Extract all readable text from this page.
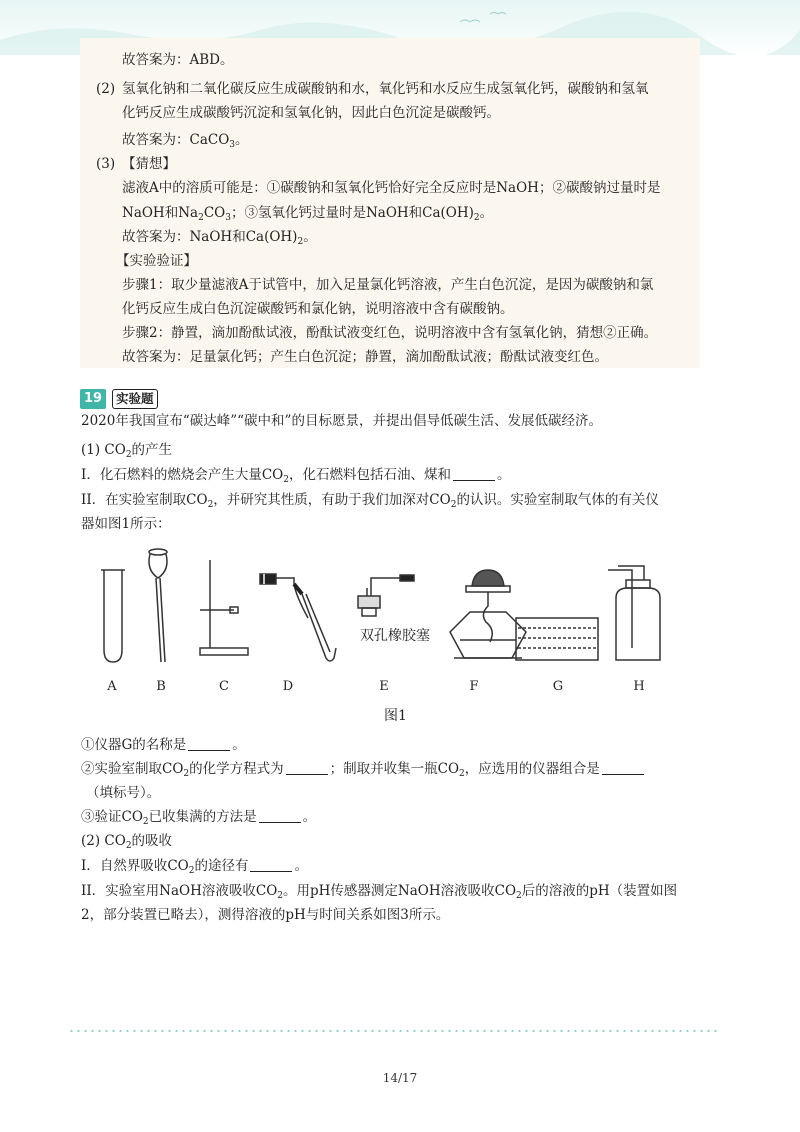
故答案为：ABD。
(2) 氢氧化钠和二氧化碳反应生成碳酸钠和水，氧化钙和水反应生成氢氧化钙，碳酸钠和氢氧
化钙反应生成碳酸钙沉淀和氢氧化钠，因此白色沉淀是碳酸钙。
故答案为：CaCO$_3$。
(3) 【猜想】
滤液A中的溶质可能是：①碳酸钠和氢氧化钙恰好完全反应时是NaOH；②碳酸钠过量时是
NaOH和$Na_2CO_3$；③氢氧化钙过量时是NaOH和$Ca(OH)_2$。
故答案为：NaOH和$Ca(OH)_2$。
【实验验证】
步骤1：取少量滤液A于试管中，加入足量氯化钙溶液，产生白色沉淀，是因为碳酸钠和氯
化钙反应生成白色沉淀碳酸钙和氯化钠，说明溶液中含有碳酸钠。
步骤2：静置，滴加酚酞试液，酚酞试液变红色，说明溶液中含有氢氧化钠，猜想②正确。
故答案为：足量氯化钙；产生白色沉淀；静置，滴加酚酞试液；酚酞试液变红色。
19	实验题
2020年我国宣布“碳达峰”“碳中和”的目标愿景，并提出倡导低碳生活、发展低碳经济。
(1) $CO_2$的产生
I．化石燃料的燃烧会产生大量$CO_2$，化石燃料包括石油、煤和	。
II．在实验室制取$CO_2$，并研究其性质，有助于我们加深对$CO_2$的认识。实验室制取气体的有关仪
器如图1所示：
双孔橡胶塞
A	B	C	D	E	F	G	H
图1
①仪器G的名称是	。
②实验室制取$CO_2$的化学方程式为	；制取并收集一瓶$CO_2$，应选用的仪器组合是
（填标号）。
③验证$CO_2$已收集满的方法是	。
(2) $CO_2$的吸收
I．自然界吸收$CO_2$的途径有	。
II．实验室用NaOH溶液吸收$CO_2$。用pH传感器测定NaOH溶液吸收$CO_2$后的溶液的pH（装置如图
2，部分装置已略去），测得溶液的pH与时间关系如图3所示。
14/17
